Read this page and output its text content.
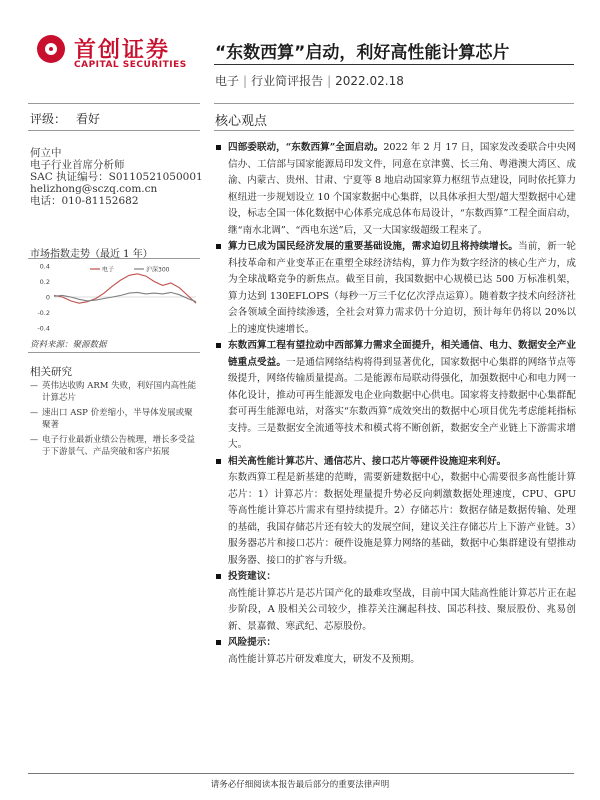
首创证券
CAPITAL SECURITIES
“东数西算”启动，利好高性能计算芯片
电子 | 行业简评报告 | 2022.02.18
评级： 看好	核心观点
何立中
电子行业首席分析师
SAC 执证编号：S0110521050001
helizhong@sczq.com.cn
电话：010-81152682
市场指数走势（最近 1 年）
0.4
0.2
0
-0.2
-0.4
电子	沪深300
资料来源：聚源数据
相关研究
— 英伟达收购 ARM 失败，利好国内高性能计算芯片
— 速出口 ASP 价差缩小，半导体发展或聚聚著
— 电子行业最新业绩公告梳理，增长多受益于下游景气、产品突破和客户拓展
四部委联动，“东数西算”全面启动。2022 年 2 月 17 日，国家发改委联合中央网信办、工信部与国家能源局印发文件，同意在京津冀、长三角、粤港澳大湾区、成渝、内蒙古、贵州、甘肃、宁夏等 8 地启动国家算力枢纽节点建设，同时依托算力枢纽进一步规划设立 10 个国家数据中心集群，以具体承担大型/超大型数据中心建设，标志全国一体化数据中心体系完成总体布局设计，“东数西算”工程全面启动，继“南水北调”、“西电东送”后，又一大国家级超级工程来了。
算力已成为国民经济发展的重要基础设施，需求迫切且将持续增长。当前，新一轮科技革命和产业变革正在重塑全球经济结构，算力作为数字经济的核心生产力，成为全球战略竞争的新焦点。截至目前，我国数据中心规模已达 500 万标准机架，算力达到 130EFLOPS（每秒一万三千亿亿次浮点运算）。随着数字技术向经济社会各领域全面持续渗透，全社会对算力需求仍十分迫切，预计每年仍将以 20%以上的速度快速增长。
东数西算工程有望拉动中西部算力需求全面提升，相关通信、电力、数据安全产业链重点受益。一是通信网络结构将得到显著优化，国家数据中心集群的网络节点等级提升，网络传输质量提高。二是能源布局联动得强化，加强数据中心和电力网一体化设计，推动可再生能源发电企业向数据中心供电。国家将支持数据中心集群配套可再生能源电站，对落实“东数西算”成效突出的数据中心项目优先考虑能耗指标支持。三是数据安全流通等技术和模式将不断创新，数据安全产业链上下游需求增大。
相关高性能计算芯片、通信芯片、接口芯片等硬件设施迎来利好。
东数西算工程是新基建的范畴，需要新建数据中心，数据中心需要很多高性能计算芯片：1）计算芯片：数据处理量提升势必反向刺激数据处理速度，CPU、GPU 等高性能计算芯片需求有望持续提升。2）存储芯片：数据存储是数据传输、处理的基础，我国存储芯片还有较大的发展空间，建议关注存储芯片上下游产业链。3）服务器芯片和接口芯片：硬件设施是算力网络的基础，数据中心集群建设有望推动服务器、接口的扩容与升级。
投资建议：
高性能计算芯片是芯片国产化的最难攻坚战，目前中国大陆高性能计算芯片正在起步阶段，A 股相关公司较少，推荐关注澜起科技、国芯科技、聚辰股份、兆易创新、景嘉微、寒武纪、芯原股份。
风险提示：
高性能计算芯片研发难度大，研发不及预期。
请务必仔细阅读本报告最后部分的重要法律声明
